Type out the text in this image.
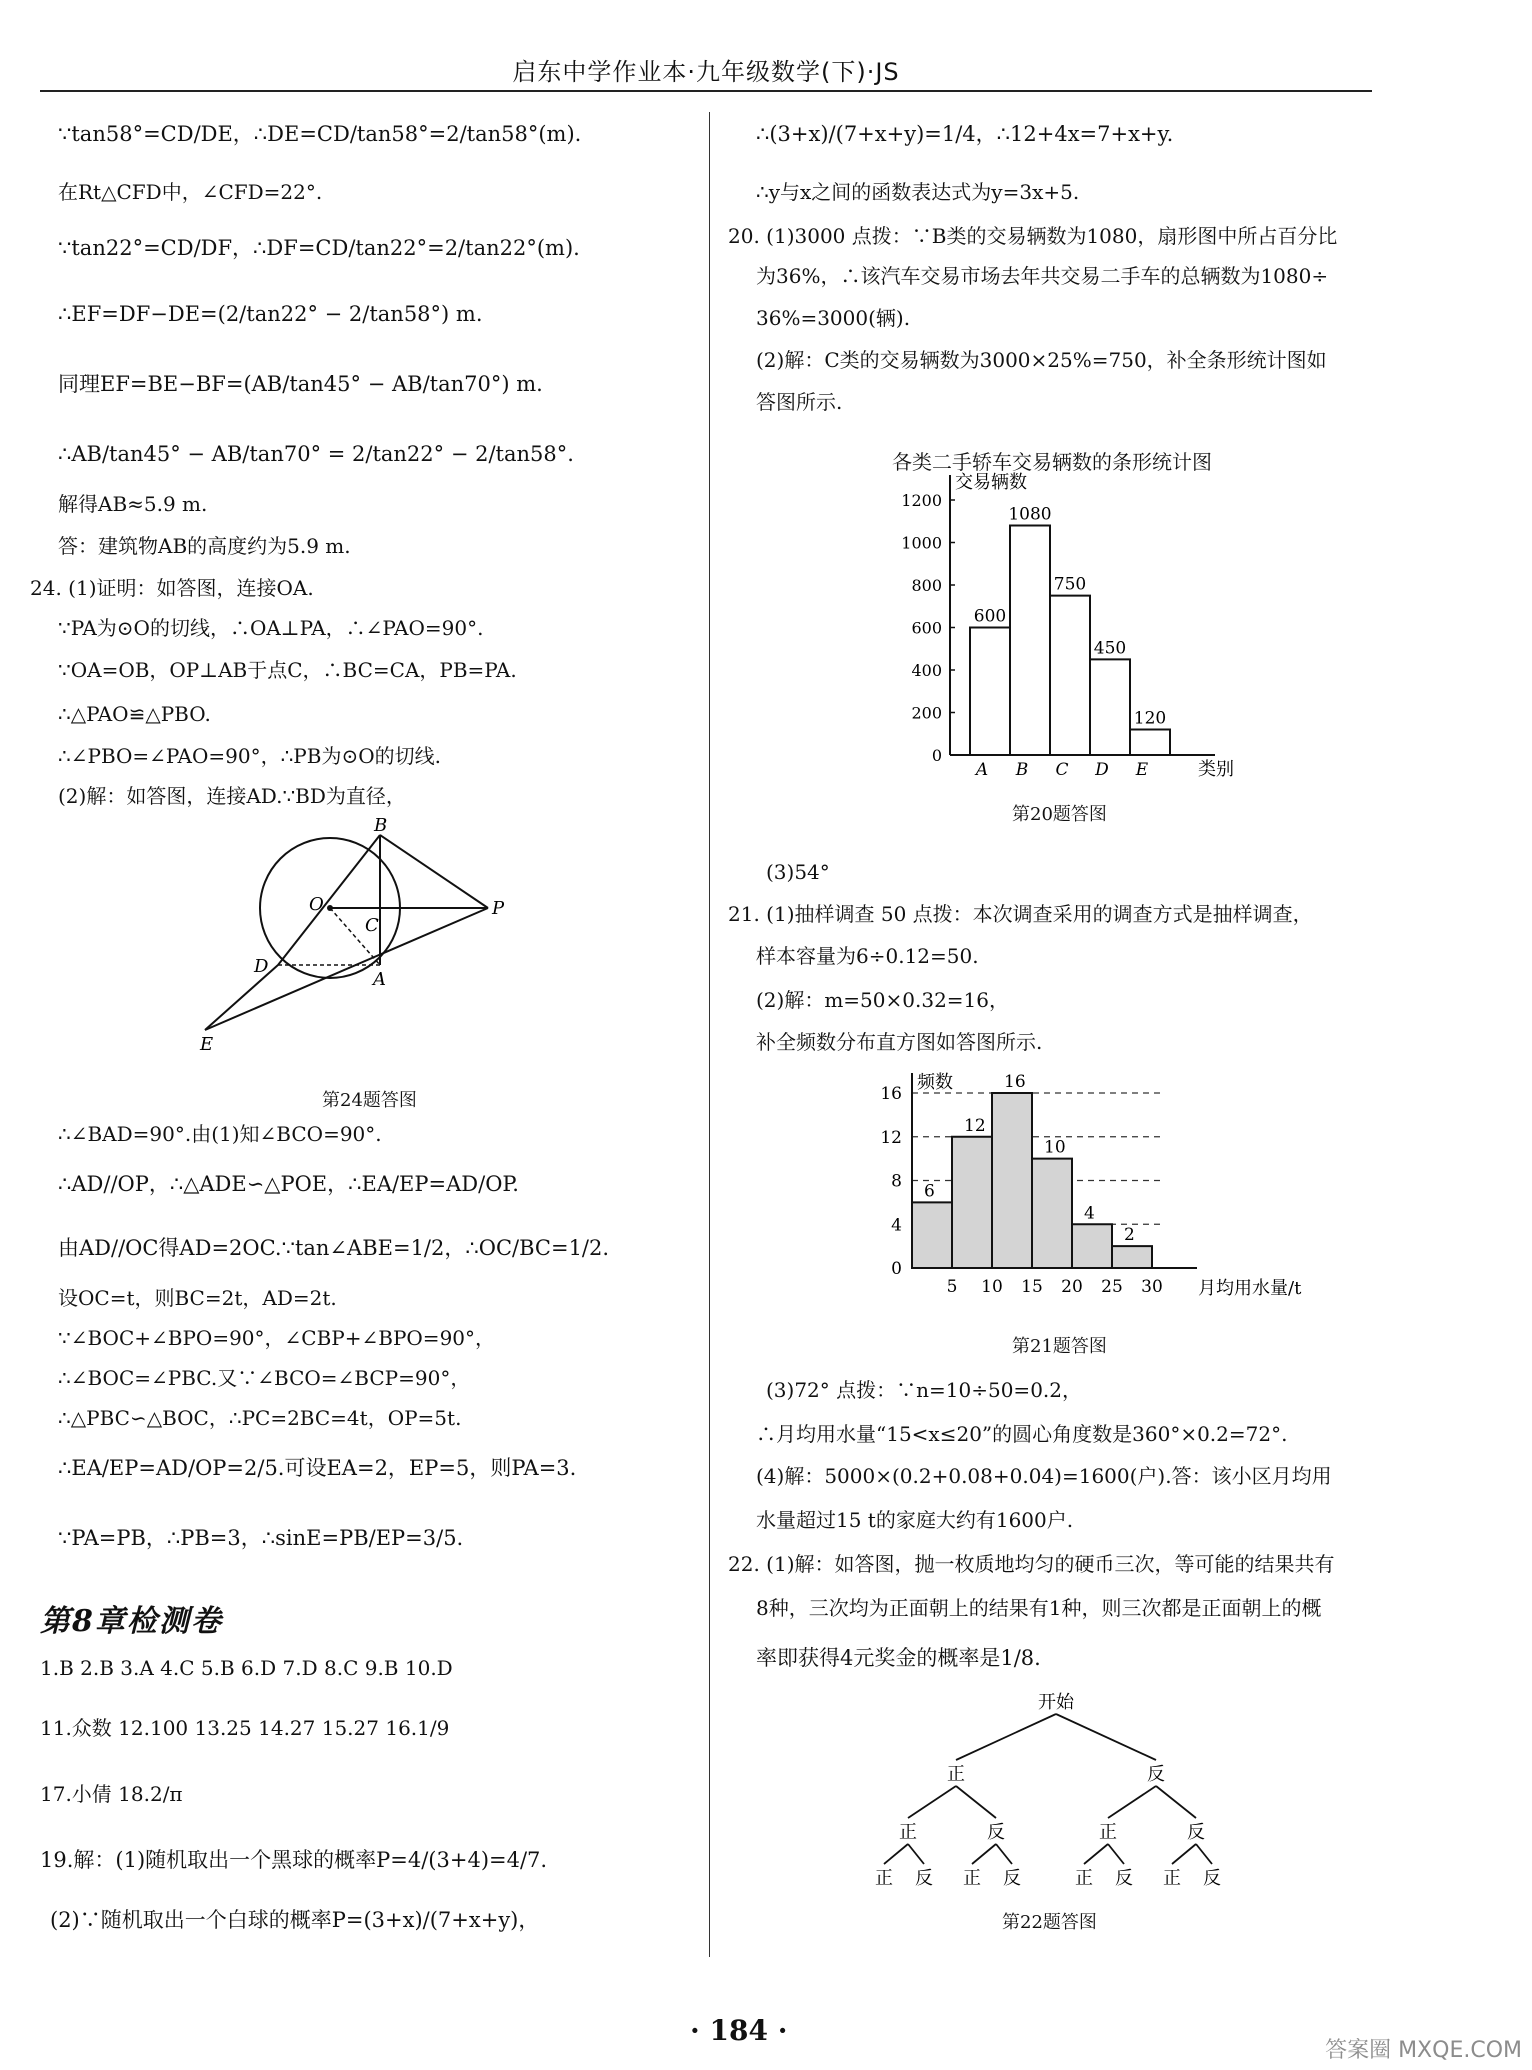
启东中学作业本·九年级数学(下)·JS
∵tan58°=CD/DE，∴DE=CD/tan58°=2/tan58°(m).
在Rt△CFD中，∠CFD=22°.
∵tan22°=CD/DF，∴DF=CD/tan22°=2/tan22°(m).
∴EF=DF−DE=(2/tan22° − 2/tan58°) m.
同理EF=BE−BF=(AB/tan45° − AB/tan70°) m.
∴AB/tan45° − AB/tan70° = 2/tan22° − 2/tan58°.
解得AB≈5.9 m.
答：建筑物AB的高度约为5.9 m.
24. (1)证明：如答图，连接OA.
∵PA为⊙O的切线，∴OA⊥PA，∴∠PAO=90°.
∵OA=OB，OP⊥AB于点C，∴BC=CA，PB=PA.
∴△PAO≌△PBO.
∴∠PBO=∠PAO=90°，∴PB为⊙O的切线.
(2)解：如答图，连接AD.∵BD为直径，
B
O
C
P
D
A
E
第24题答图
∴∠BAD=90°.由(1)知∠BCO=90°.
∴AD//OP，∴△ADE∽△POE，∴EA/EP=AD/OP.
由AD//OC得AD=2OC.∵tan∠ABE=1/2，∴OC/BC=1/2.
设OC=t，则BC=2t，AD=2t.
∵∠BOC+∠BPO=90°，∠CBP+∠BPO=90°，
∴∠BOC=∠PBC.又∵∠BCO=∠BCP=90°，
∴△PBC∽△BOC，∴PC=2BC=4t，OP=5t.
∴EA/EP=AD/OP=2/5.可设EA=2，EP=5，则PA=3.
∵PA=PB，∴PB=3，∴sinE=PB/EP=3/5.
第8章检测卷
1.B 2.B 3.A 4.C 5.B 6.D 7.D 8.C 9.B 10.D
11.众数 12.100 13.25 14.27 15.27 16.1/9
17.小倩 18.2/π
19.解：(1)随机取出一个黑球的概率P=4/(3+4)=4/7.
(2)∵随机取出一个白球的概率P=(3+x)/(7+x+y)，
∴(3+x)/(7+x+y)=1/4，∴12+4x=7+x+y.
∴y与x之间的函数表达式为y=3x+5.
20. (1)3000 点拨：∵B类的交易辆数为1080，扇形图中所占百分比
为36%，∴该汽车交易市场去年共交易二手车的总辆数为1080÷
36%=3000(辆).
(2)解：C类的交易辆数为3000×25%=750，补全条形统计图如
答图所示.
各类二手轿车交易辆数的条形统计图
交易辆数
类别
0
200
400
600
800
1000
1200
600
A
1080
B
750
C
450
D
120
E
第20题答图
(3)54°
21. (1)抽样调查 50 点拨：本次调查采用的调查方式是抽样调查，
样本容量为6÷0.12=50.
(2)解：m=50×0.32=16，
补全频数分布直方图如答图所示.
0
4
8
12
16
频数
月均用水量/t
6
12
16
10
4
2
5 10 15 20 25 30
第21题答图
(3)72° 点拨：∵n=10÷50=0.2，
∴月均用水量“15<x≤20”的圆心角度数是360°×0.2=72°.
(4)解：5000×(0.2+0.08+0.04)=1600(户).答：该小区月均用
水量超过15 t的家庭大约有1600户.
22. (1)解：如答图，抛一枚质地均匀的硬币三次，等可能的结果共有
8种，三次均为正面朝上的结果有1种，则三次都是正面朝上的概
率即获得4元奖金的概率是1/8.
开始
正	反
正	反	正	反
正 反 正 反	正 反 正 反
第22题答图
· 184 ·
答案圈 MXQE.COM
